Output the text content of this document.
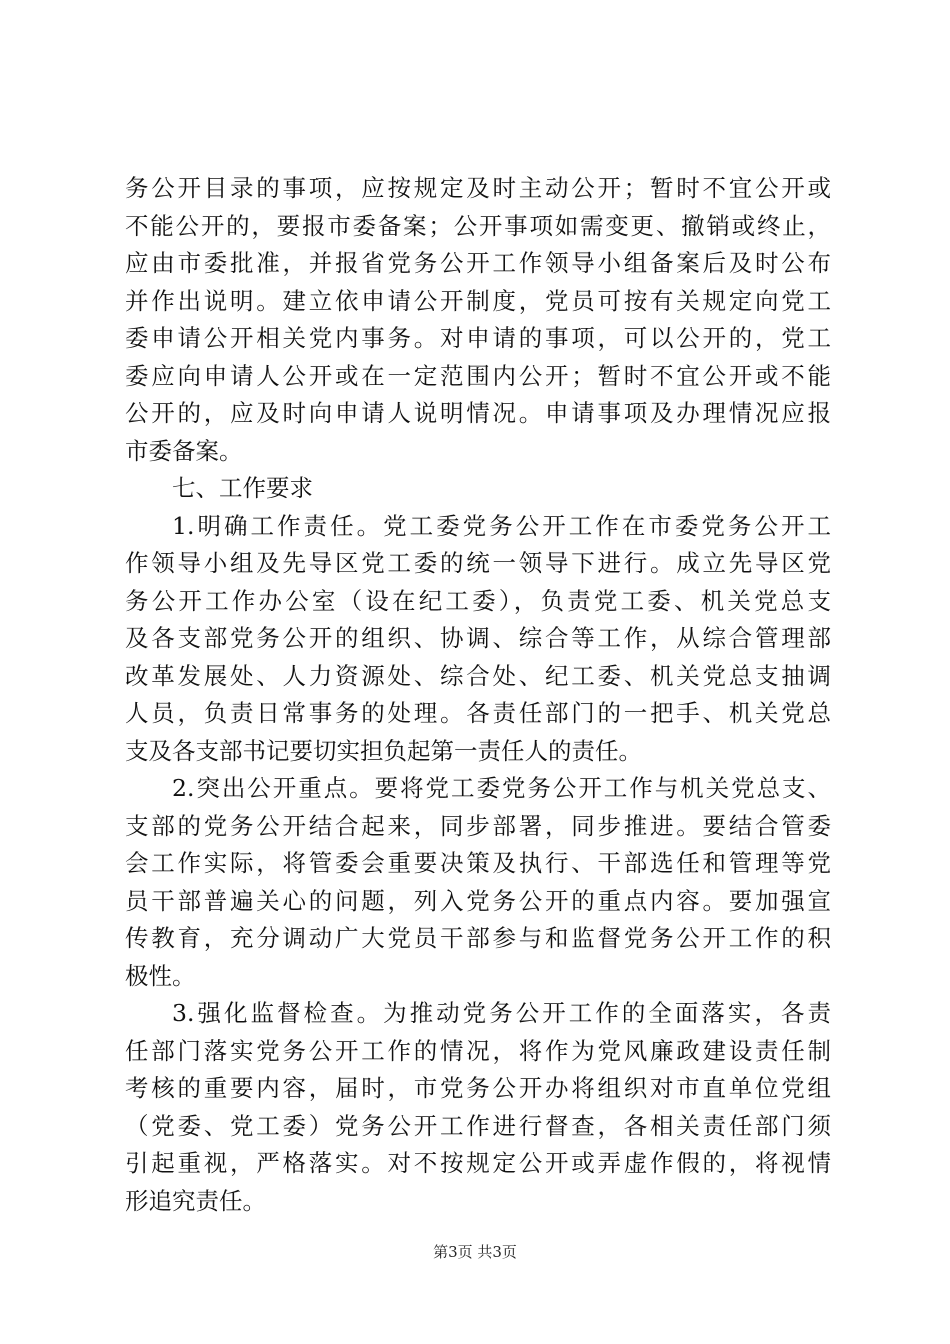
务公开目录的事项，应按规定及时主动公开；暂时不宜公开或
不能公开的，要报市委备案；公开事项如需变更、撤销或终止，
应由市委批准，并报省党务公开工作领导小组备案后及时公布
并作出说明。建立依申请公开制度，党员可按有关规定向党工
委申请公开相关党内事务。对申请的事项，可以公开的，党工
委应向申请人公开或在一定范围内公开；暂时不宜公开或不能
公开的，应及时向申请人说明情况。申请事项及办理情况应报
市委备案。
七、工作要求
1.明确工作责任。党工委党务公开工作在市委党务公开工
作领导小组及先导区党工委的统一领导下进行。成立先导区党
务公开工作办公室（设在纪工委），负责党工委、机关党总支
及各支部党务公开的组织、协调、综合等工作，从综合管理部
改革发展处、人力资源处、综合处、纪工委、机关党总支抽调
人员，负责日常事务的处理。各责任部门的一把手、机关党总
支及各支部书记要切实担负起第一责任人的责任。
2.突出公开重点。要将党工委党务公开工作与机关党总支、
支部的党务公开结合起来，同步部署，同步推进。要结合管委
会工作实际，将管委会重要决策及执行、干部选任和管理等党
员干部普遍关心的问题，列入党务公开的重点内容。要加强宣
传教育，充分调动广大党员干部参与和监督党务公开工作的积
极性。
3.强化监督检查。为推动党务公开工作的全面落实，各责
任部门落实党务公开工作的情况，将作为党风廉政建设责任制
考核的重要内容，届时，市党务公开办将组织对市直单位党组
（党委、党工委）党务公开工作进行督查，各相关责任部门须
引起重视，严格落实。对不按规定公开或弄虚作假的，将视情
形追究责任。
第3页 共3页
